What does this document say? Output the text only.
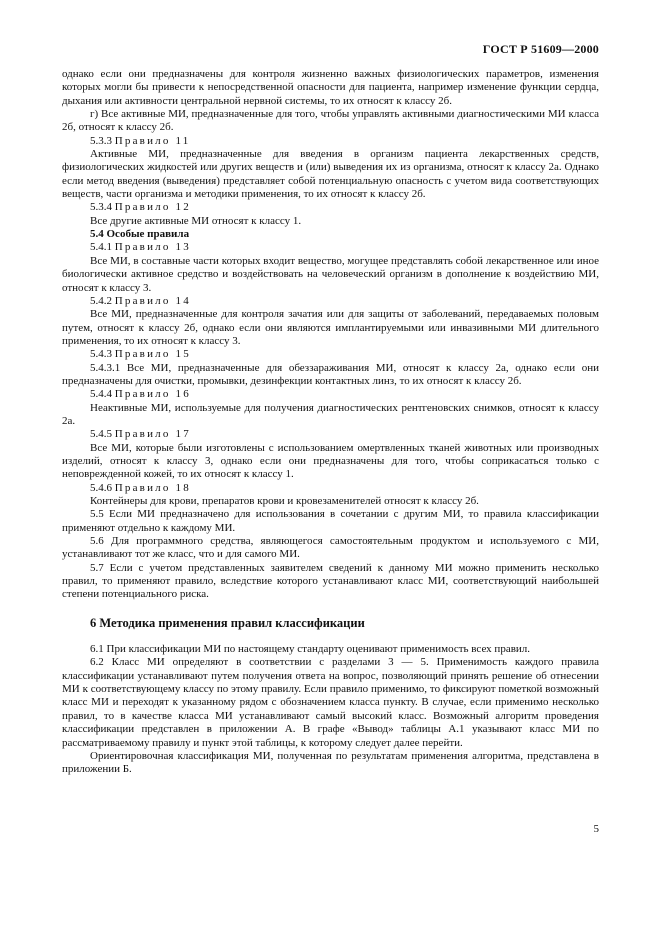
ГОСТ Р 51609—2000

однако если они предназначены для контроля жизненно важных физиологических параметров, изменения которых могли бы привести к непосредственной опасности для пациента, например изменение функции сердца, дыхания или активности центральной нервной системы, то их относят к классу 2б.

г) Все активные МИ, предназначенные для того, чтобы управлять активными диагностическими МИ класса 2б, относят к классу 2б.

5.3.3 Правило 11

Активные МИ, предназначенные для введения в организм пациента лекарственных средств, физиологических жидкостей или других веществ и (или) выведения их из организма, относят к классу 2а. Однако если метод введения (выведения) представляет собой потенциальную опасность с учетом вида соответствующих веществ, части организма и методики применения, то их относят к классу 2б.

5.3.4 Правило 12

Все другие активные МИ относят к классу 1.

5.4 Особые правила

5.4.1 Правило 13

Все МИ, в составные части которых входит вещество, могущее представлять собой лекарственное или иное биологически активное средство и воздействовать на человеческий организм в дополнение к воздействию МИ, относят к классу 3.

5.4.2 Правило 14

Все МИ, предназначенные для контроля зачатия или для защиты от заболеваний, передаваемых половым путем, относят к классу 2б, однако если они являются имплантируемыми или инвазивными МИ длительного применения, то их относят к классу 3.

5.4.3 Правило 15

5.4.3.1 Все МИ, предназначенные для обеззараживания МИ, относят к классу 2а, однако если они предназначены для очистки, промывки, дезинфекции контактных линз, то их относят к классу 2б.

5.4.4 Правило 16

Неактивные МИ, используемые для получения диагностических рентгеновских снимков, относят к классу 2а.

5.4.5 Правило 17

Все МИ, которые были изготовлены с использованием омертвленных тканей животных или производных изделий, относят к классу 3, однако если они предназначены для того, чтобы соприкасаться только с неповрежденной кожей, то их относят к классу 1.

5.4.6 Правило 18

Контейнеры для крови, препаратов крови и кровезаменителей относят к классу 2б.

5.5 Если МИ предназначено для использования в сочетании с другим МИ, то правила классификации применяют отдельно к каждому МИ.

5.6 Для программного средства, являющегося самостоятельным продуктом и используемого с МИ, устанавливают тот же класс, что и для самого МИ.

5.7 Если с учетом представленных заявителем сведений к данному МИ можно применить несколько правил, то применяют правило, вследствие которого устанавливают класс МИ, соответствующий наибольшей степени потенциального риска.

6 Методика применения правил классификации

6.1 При классификации МИ по настоящему стандарту оценивают применимость всех правил.

6.2 Класс МИ определяют в соответствии с разделами 3 — 5. Применимость каждого правила классификации устанавливают путем получения ответа на вопрос, позволяющий принять решение об отнесении МИ к соответствующему классу по этому правилу. Если правило применимо, то фиксируют пометкой возможный класс МИ и переходят к указанному рядом с обозначением класса пункту. В случае, если применимо несколько правил, то в качестве класса МИ устанавливают самый высокий класс. Возможный алгоритм проведения классификации представлен в приложении А. В графе «Вывод» таблицы А.1 указывают класс МИ по рассматриваемому правилу и пункт этой таблицы, к которому следует далее перейти.

Ориентировочная классификация МИ, полученная по результатам применения алгоритма, представлена в приложении Б.

5
